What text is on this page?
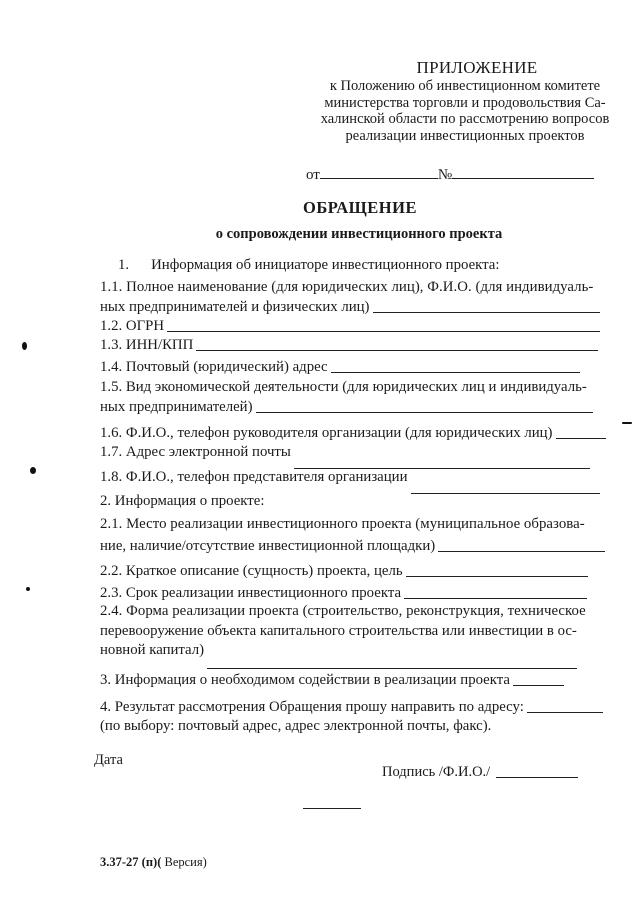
ПРИЛОЖЕНИЕ
к Положению об инвестиционном комитете
министерства торговли и продовольствия Са-
халинской области по рассмотрению вопросов
реализации инвестиционных проектов
от	№
ОБРАЩЕНИЕ
о сопровождении инвестиционного проекта
1. Информация об инициаторе инвестиционного проекта:
1.1. Полное наименование (для юридических лиц), Ф.И.О. (для индивидуаль-
ных предпринимателей и физических лиц)
1.2. ОГРН
1.3. ИНН/КПП
1.4. Почтовый (юридический) адрес
1.5. Вид экономической деятельности (для юридических лиц и индивидуаль-
ных предпринимателей)
1.6. Ф.И.О., телефон руководителя организации (для юридических лиц)
1.7. Адрес электронной почты
1.8. Ф.И.О., телефон представителя организации
2. Информация о проекте:
2.1. Место реализации инвестиционного проекта (муниципальное образова-
ние, наличие/отсутствие инвестиционной площадки)
2.2. Краткое описание (сущность) проекта, цель
2.3. Срок реализации инвестиционного проекта
2.4. Форма реализации проекта (строительство, реконструкция, техническое
перевооружение объекта капитального строительства или инвестиции в ос-
новной капитал)
3. Информация о необходимом содействии в реализации проекта
4. Результат рассмотрения Обращения прошу направить по адресу:
(по выбору: почтовый адрес, адрес электронной почты, факс).
Дата
Подпись /Ф.И.О./
3.37-27 (п)( Версия)
